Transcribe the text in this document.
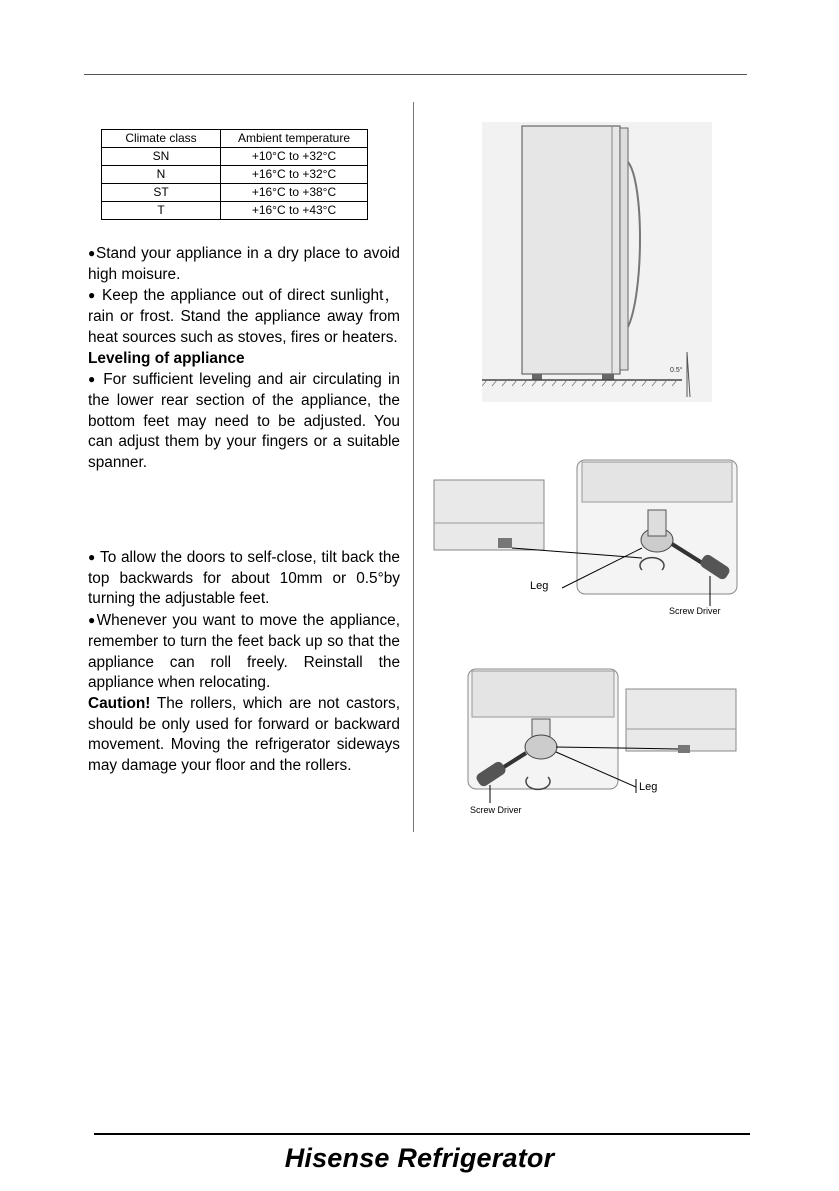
Climate class	Ambient temperature
SN	+10°C to +32°C
N	+16°C to +32°C
ST	+16°C to +38°C
T	+16°C to +43°C

●Stand your appliance in a dry place to avoid high moisure.

● Keep the appliance out of direct sunlight， rain or frost. Stand the appliance away from heat sources such as stoves, fires or heaters.

Leveling of appliance

● For sufficient leveling and air circulating in the lower rear section of the appliance, the bottom feet may need to be adjusted. You can adjust them by your fingers or a suitable spanner.

● To allow the doors to self-close, tilt back the top backwards for about 10mm or 0.5°by turning the adjustable feet.

●Whenever you want to move the appliance, remember to turn the feet back up so that the appliance can roll freely. Reinstall the appliance when relocating.

Caution! The rollers, which are not castors, should be only used for forward or backward movement. Moving the refrigerator sideways may damage your floor and the rollers.

0.5°
Leg
Screw Driver
Leg
Screw Driver
Hisense Refrigerator
